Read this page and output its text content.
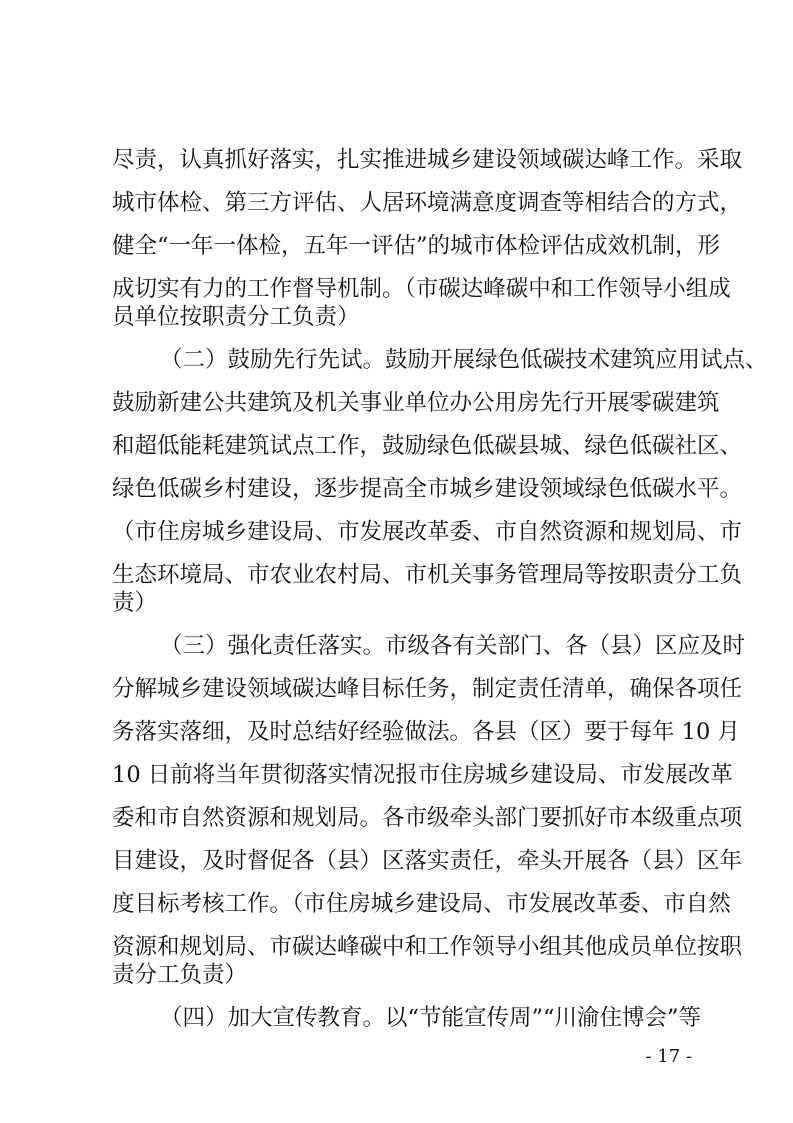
尽责，认真抓好落实，扎实推进城乡建设领域碳达峰工作。采取
城市体检、第三方评估、人居环境满意度调查等相结合的方式，
健全“一年一体检，五年一评估”的城市体检评估成效机制，形
成切实有力的工作督导机制。（市碳达峰碳中和工作领导小组成
员单位按职责分工负责）
（二）鼓励先行先试。鼓励开展绿色低碳技术建筑应用试点、
鼓励新建公共建筑及机关事业单位办公用房先行开展零碳建筑
和超低能耗建筑试点工作，鼓励绿色低碳县城、绿色低碳社区、
绿色低碳乡村建设，逐步提高全市城乡建设领域绿色低碳水平。
（市住房城乡建设局、市发展改革委、市自然资源和规划局、市
生态环境局、市农业农村局、市机关事务管理局等按职责分工负
责）
（三）强化责任落实。市级各有关部门、各（县）区应及时
分解城乡建设领域碳达峰目标任务，制定责任清单，确保各项任
务落实落细，及时总结好经验做法。各县（区）要于每年 10 月
10 日前将当年贯彻落实情况报市住房城乡建设局、市发展改革
委和市自然资源和规划局。各市级牵头部门要抓好市本级重点项
目建设，及时督促各（县）区落实责任，牵头开展各（县）区年
度目标考核工作。（市住房城乡建设局、市发展改革委、市自然
资源和规划局、市碳达峰碳中和工作领导小组其他成员单位按职
责分工负责）
（四）加大宣传教育。以“节能宣传周”“川渝住博会”等
- 17 -
